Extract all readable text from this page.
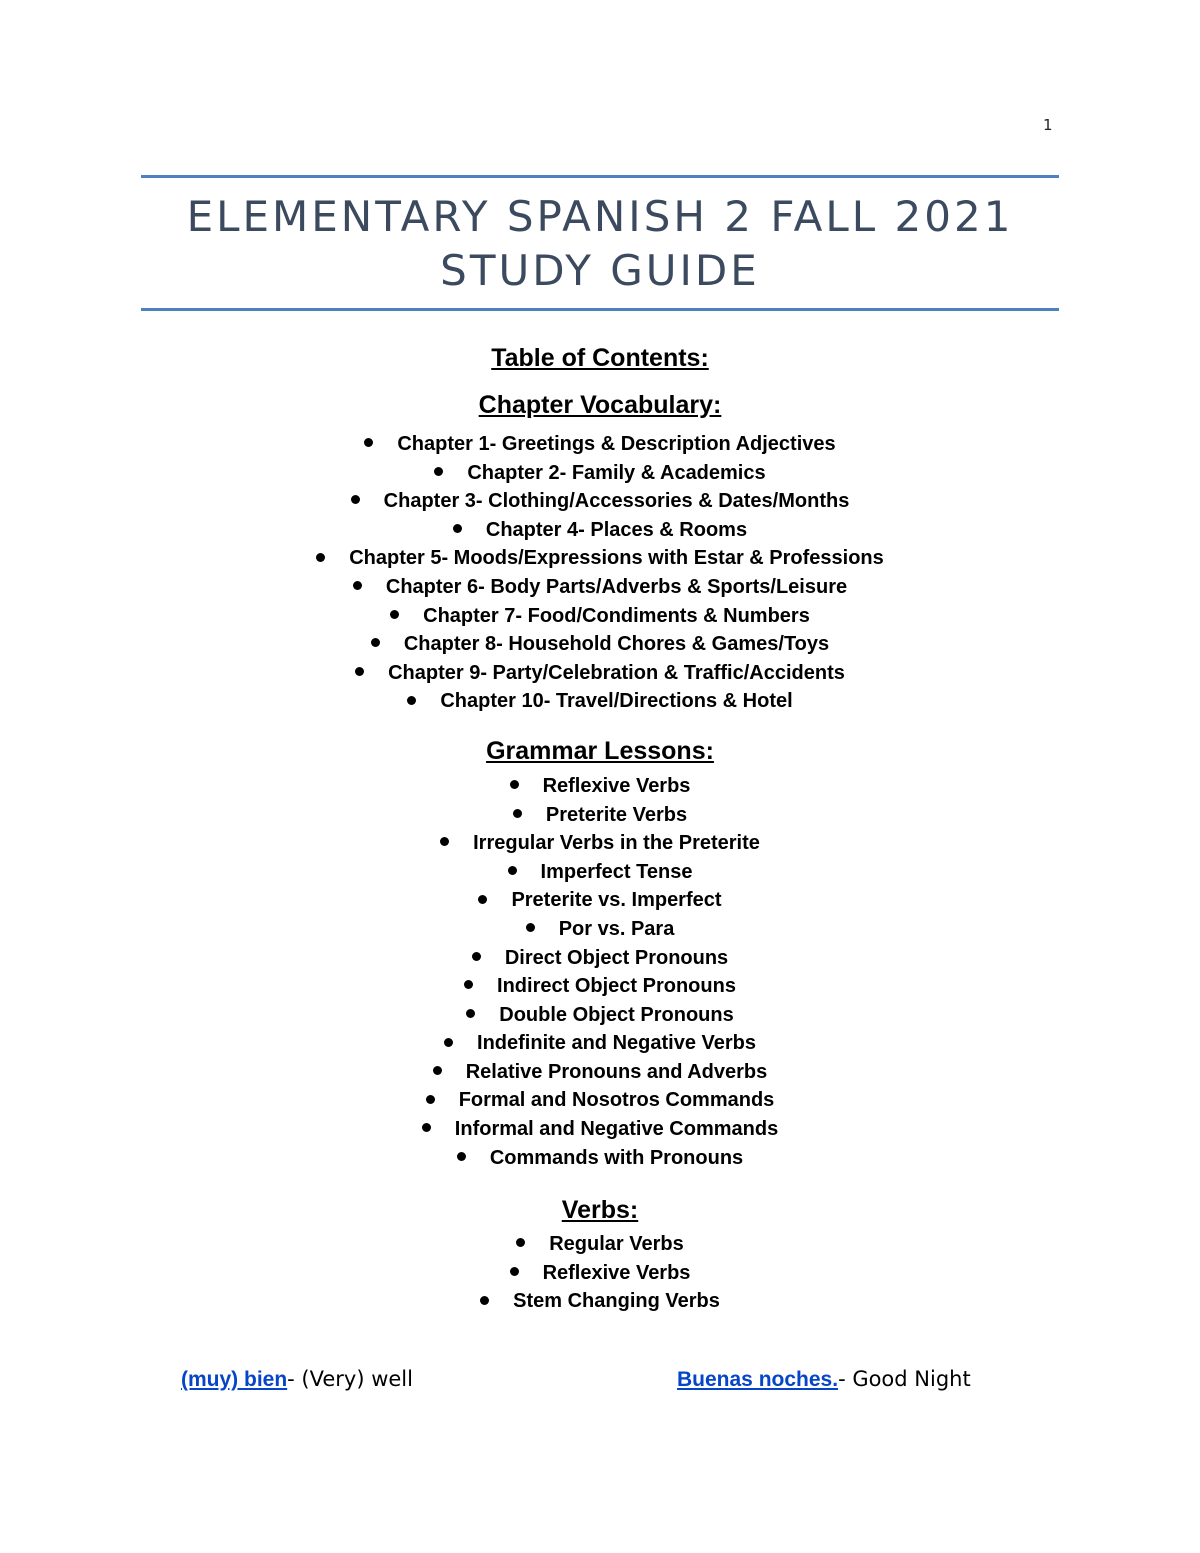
1
ELEMENTARY SPANISH 2 FALL 2021
STUDY GUIDE
Table of Contents:
Chapter Vocabulary:
Chapter 1- Greetings & Description Adjectives
Chapter 2- Family & Academics
Chapter 3- Clothing/Accessories & Dates/Months
Chapter 4- Places & Rooms
Chapter 5- Moods/Expressions with Estar & Professions
Chapter 6- Body Parts/Adverbs & Sports/Leisure
Chapter 7- Food/Condiments & Numbers
Chapter 8- Household Chores & Games/Toys
Chapter 9- Party/Celebration & Traffic/Accidents
Chapter 10- Travel/Directions & Hotel
Grammar Lessons:
Reflexive Verbs
Preterite Verbs
Irregular Verbs in the Preterite
Imperfect Tense
Preterite vs. Imperfect
Por vs. Para
Direct Object Pronouns
Indirect Object Pronouns
Double Object Pronouns
Indefinite and Negative Verbs
Relative Pronouns and Adverbs
Formal and Nosotros Commands
Informal and Negative Commands
Commands with Pronouns
Verbs:
Regular Verbs
Reflexive Verbs
Stem Changing Verbs
(muy) bien- (Very) well	Buenas noches.- Good Night
